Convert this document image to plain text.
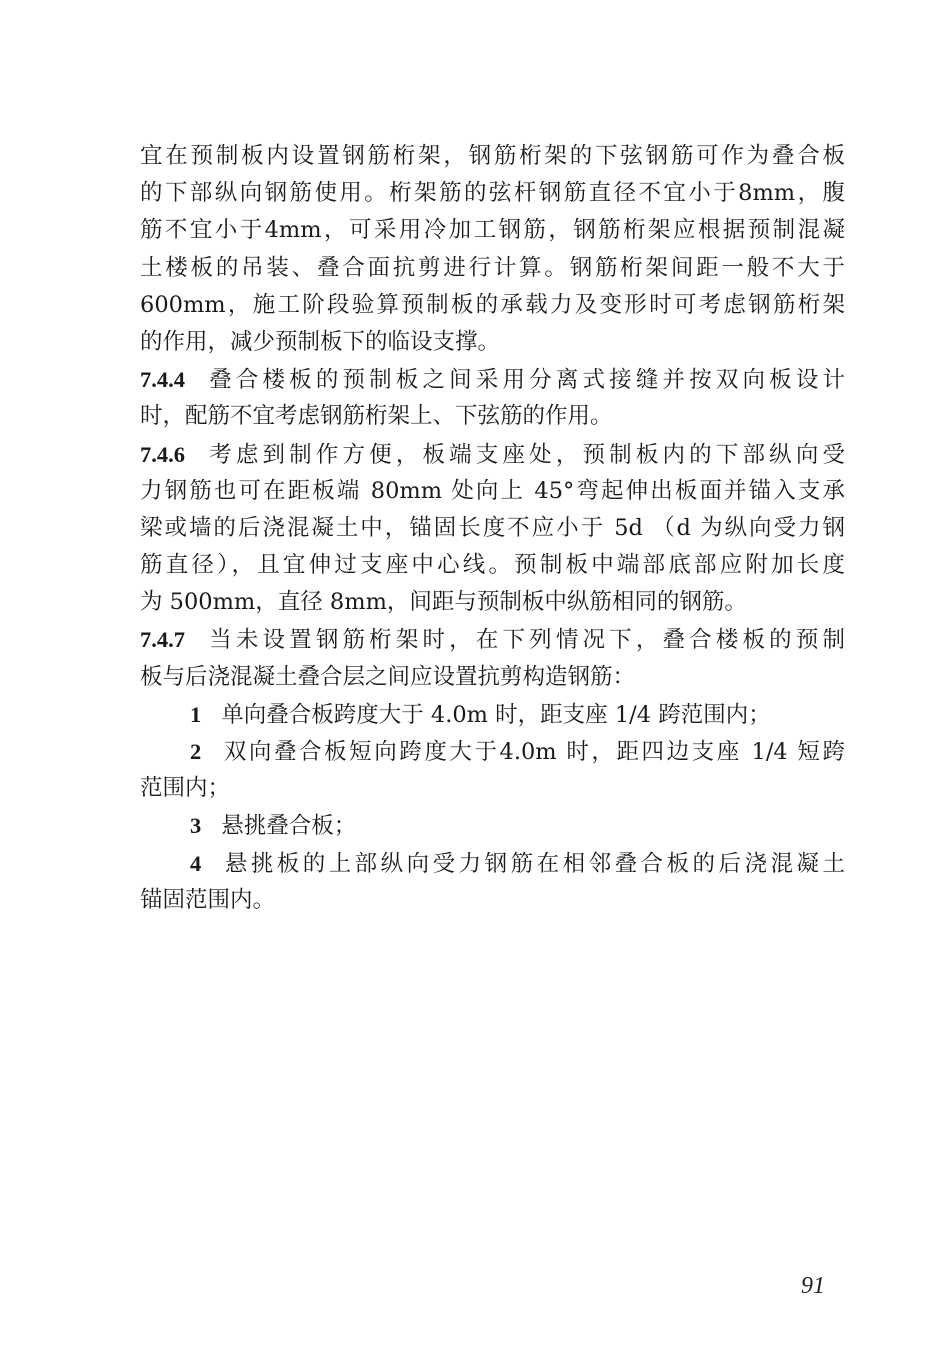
宜在预制板内设置钢筋桁架，钢筋桁架的下弦钢筋可作为叠合板
的下部纵向钢筋使用。桁架筋的弦杆钢筋直径不宜小于8mm，腹
筋不宜小于4mm，可采用冷加工钢筋，钢筋桁架应根据预制混凝
土楼板的吊装、叠合面抗剪进行计算。钢筋桁架间距一般不大于
600mm，施工阶段验算预制板的承载力及变形时可考虑钢筋桁架
的作用，减少预制板下的临设支撑。
7.4.4 叠合楼板的预制板之间采用分离式接缝并按双向板设计
时，配筋不宜考虑钢筋桁架上、下弦筋的作用。
7.4.6 考虑到制作方便，板端支座处，预制板内的下部纵向受
力钢筋也可在距板端 80mm 处向上 45°弯起伸出板面并锚入支承
梁或墙的后浇混凝土中，锚固长度不应小于 5d （d 为纵向受力钢
筋直径），且宜伸过支座中心线。预制板中端部底部应附加长度
为 500mm，直径 8mm，间距与预制板中纵筋相同的钢筋。
7.4.7 当未设置钢筋桁架时，在下列情况下，叠合楼板的预制
板与后浇混凝土叠合层之间应设置抗剪构造钢筋：
1 单向叠合板跨度大于 4.0m 时，距支座 1/4 跨范围内；
2 双向叠合板短向跨度大于4.0m 时，距四边支座 1/4 短跨
范围内；
3 悬挑叠合板；
4 悬挑板的上部纵向受力钢筋在相邻叠合板的后浇混凝土
锚固范围内。
91
